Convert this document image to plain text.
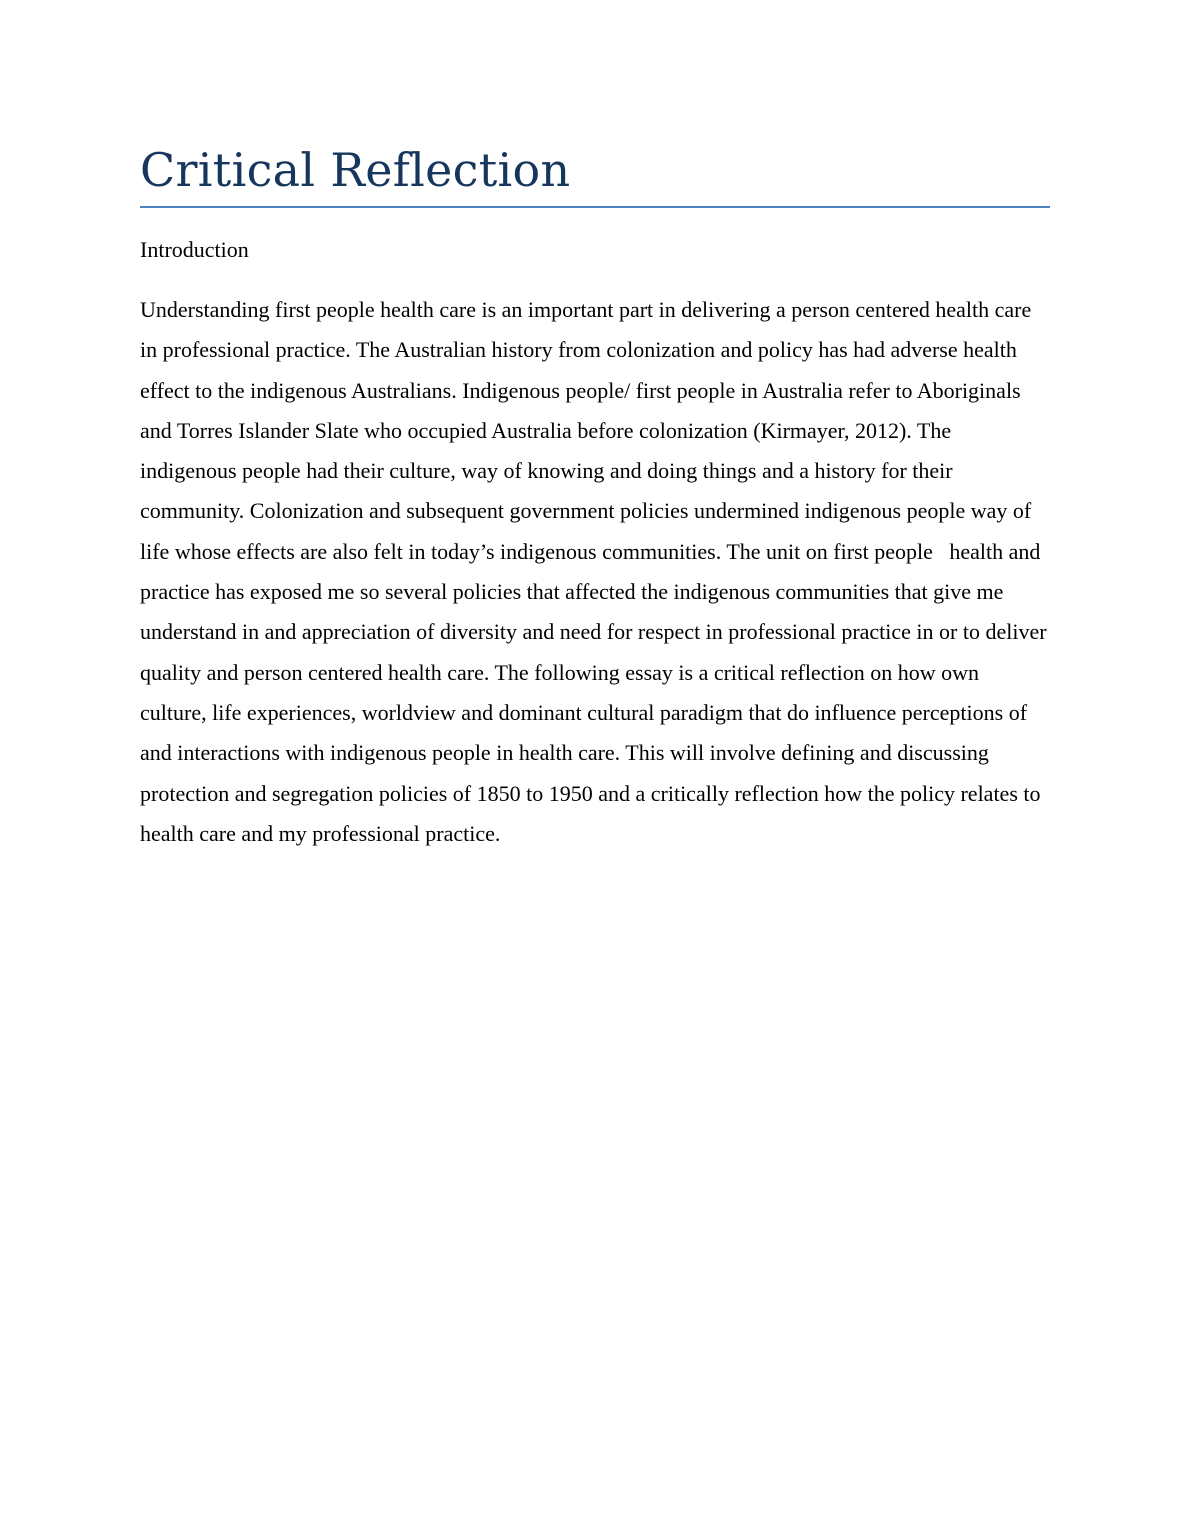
Critical Reflection
Introduction

Understanding first people health care is an important part in delivering a person centered health care in professional practice. The Australian history from colonization and policy has had adverse health effect to the indigenous Australians. Indigenous people/ first people in Australia refer to Aboriginals and Torres Islander Slate who occupied Australia before colonization (Kirmayer, 2012). The indigenous people had their culture, way of knowing and doing things and a history for their community. Colonization and subsequent government policies undermined indigenous people way of life whose effects are also felt in today’s indigenous communities. The unit on first people   health and practice has exposed me so several policies that affected the indigenous communities that give me understand in and appreciation of diversity and need for respect in professional practice in or to deliver quality and person centered health care. The following essay is a critical reflection on how own culture, life experiences, worldview and dominant cultural paradigm that do influence perceptions of and interactions with indigenous people in health care. This will involve defining and discussing protection and segregation policies of 1850 to 1950 and a critically reflection how the policy relates to health care and my professional practice.
